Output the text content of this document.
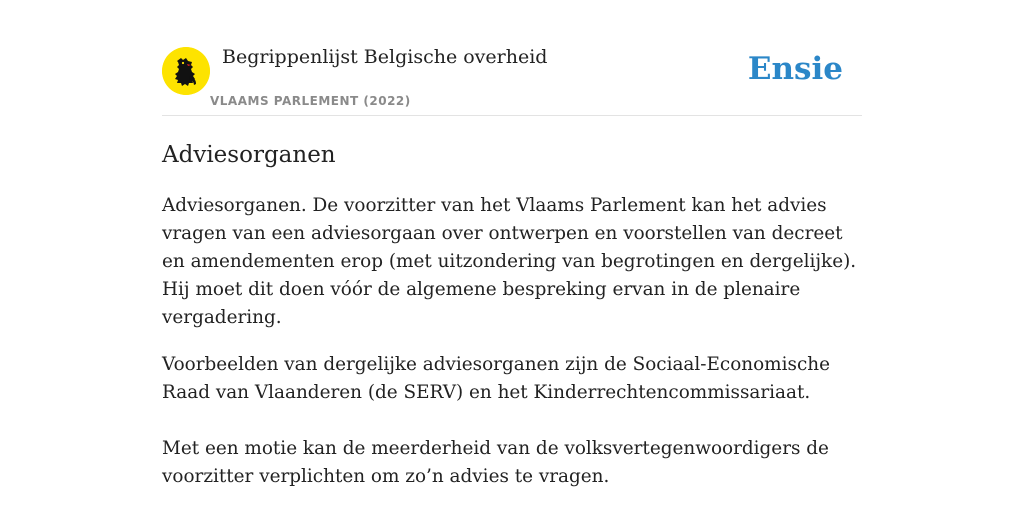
Begrippenlijst Belgische overheid
VLAAMS PARLEMENT (2022)
Ensie
Adviesorganen

Adviesorganen. De voorzitter van het Vlaams Parlement kan het advies vragen van een adviesorgaan over ontwerpen en voorstellen van decreet en amendementen erop (met uitzondering van begrotingen en dergelijke). Hij moet dit doen vóór de algemene bespreking ervan in de plenaire vergadering.

Voorbeelden van dergelijke adviesorganen zijn de Sociaal-Economische Raad van Vlaanderen (de SERV) en het Kinderrechtencommissariaat.

Met een motie kan de meerderheid van de volksvertegenwoordigers de voorzitter verplichten om zo’n advies te vragen.
